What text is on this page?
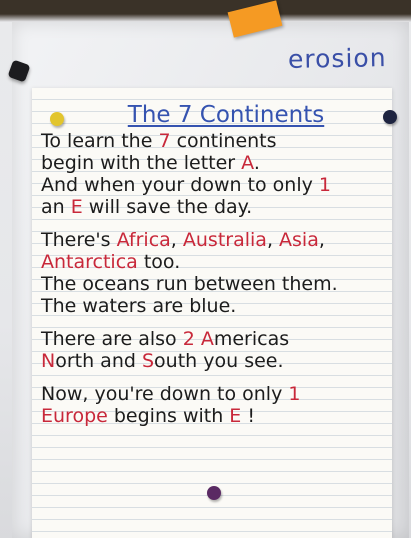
erosion
The 7 Continents
To learn the 7 continents
begin with the letter A.
And when your down to only 1
an E will save the day.
There's Africa, Australia, Asia,
Antarctica too.
The oceans run between them.
The waters are blue.
There are also 2 Americas
North and South you see.
Now, you're down to only 1
Europe begins with E !
